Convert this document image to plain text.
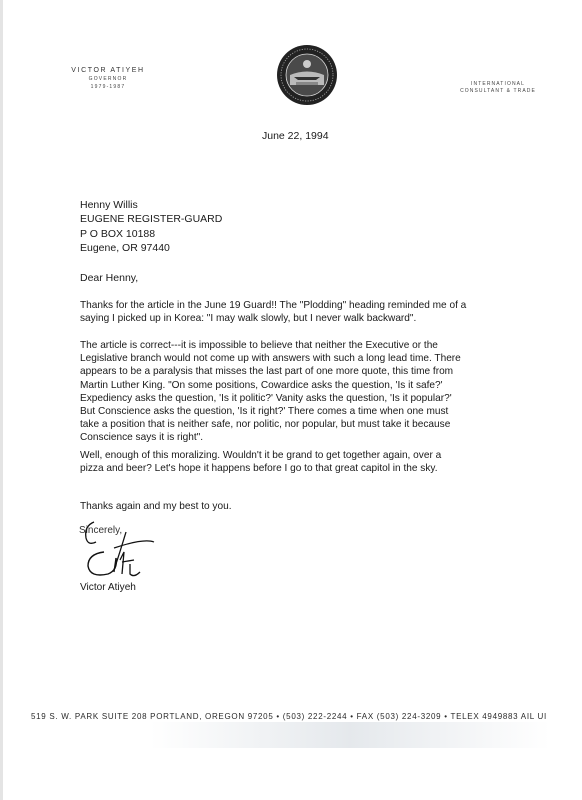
VICTOR ATIYEH
GOVERNOR
1979-1987	INTERNATIONAL
CONSULTANT & TRADE
June 22, 1994
Henny Willis
EUGENE REGISTER-GUARD
P O BOX 10188
Eugene, OR 97440
Dear Henny,
Thanks for the article in the June 19 Guard!! The "Plodding" heading reminded me of a
saying I picked up in Korea: "I may walk slowly, but I never walk backward".
The article is correct---it is impossible to believe that neither the Executive or the
Legislative branch would not come up with answers with such a long lead time. There
appears to be a paralysis that misses the last part of one more quote, this time from
Martin Luther King. "On some positions, Cowardice asks the question, 'Is it safe?'
Expediency asks the question, 'Is it politic?' Vanity asks the question, 'Is it popular?'
But Conscience asks the question, 'Is it right?' There comes a time when one must
take a position that is neither safe, nor politic, nor popular, but must take it because
Conscience says it is right".
Well, enough of this moralizing. Wouldn't it be grand to get together again, over a
pizza and beer? Let's hope it happens before I go to that great capitol in the sky.
Thanks again and my best to you.
Sincerely,
Victor Atiyeh
519 S. W. PARK SUITE 208 PORTLAND, OREGON 97205 • (503) 222-2244 • FAX (503) 224-3209 • TELEX 4949883 AIL UI
